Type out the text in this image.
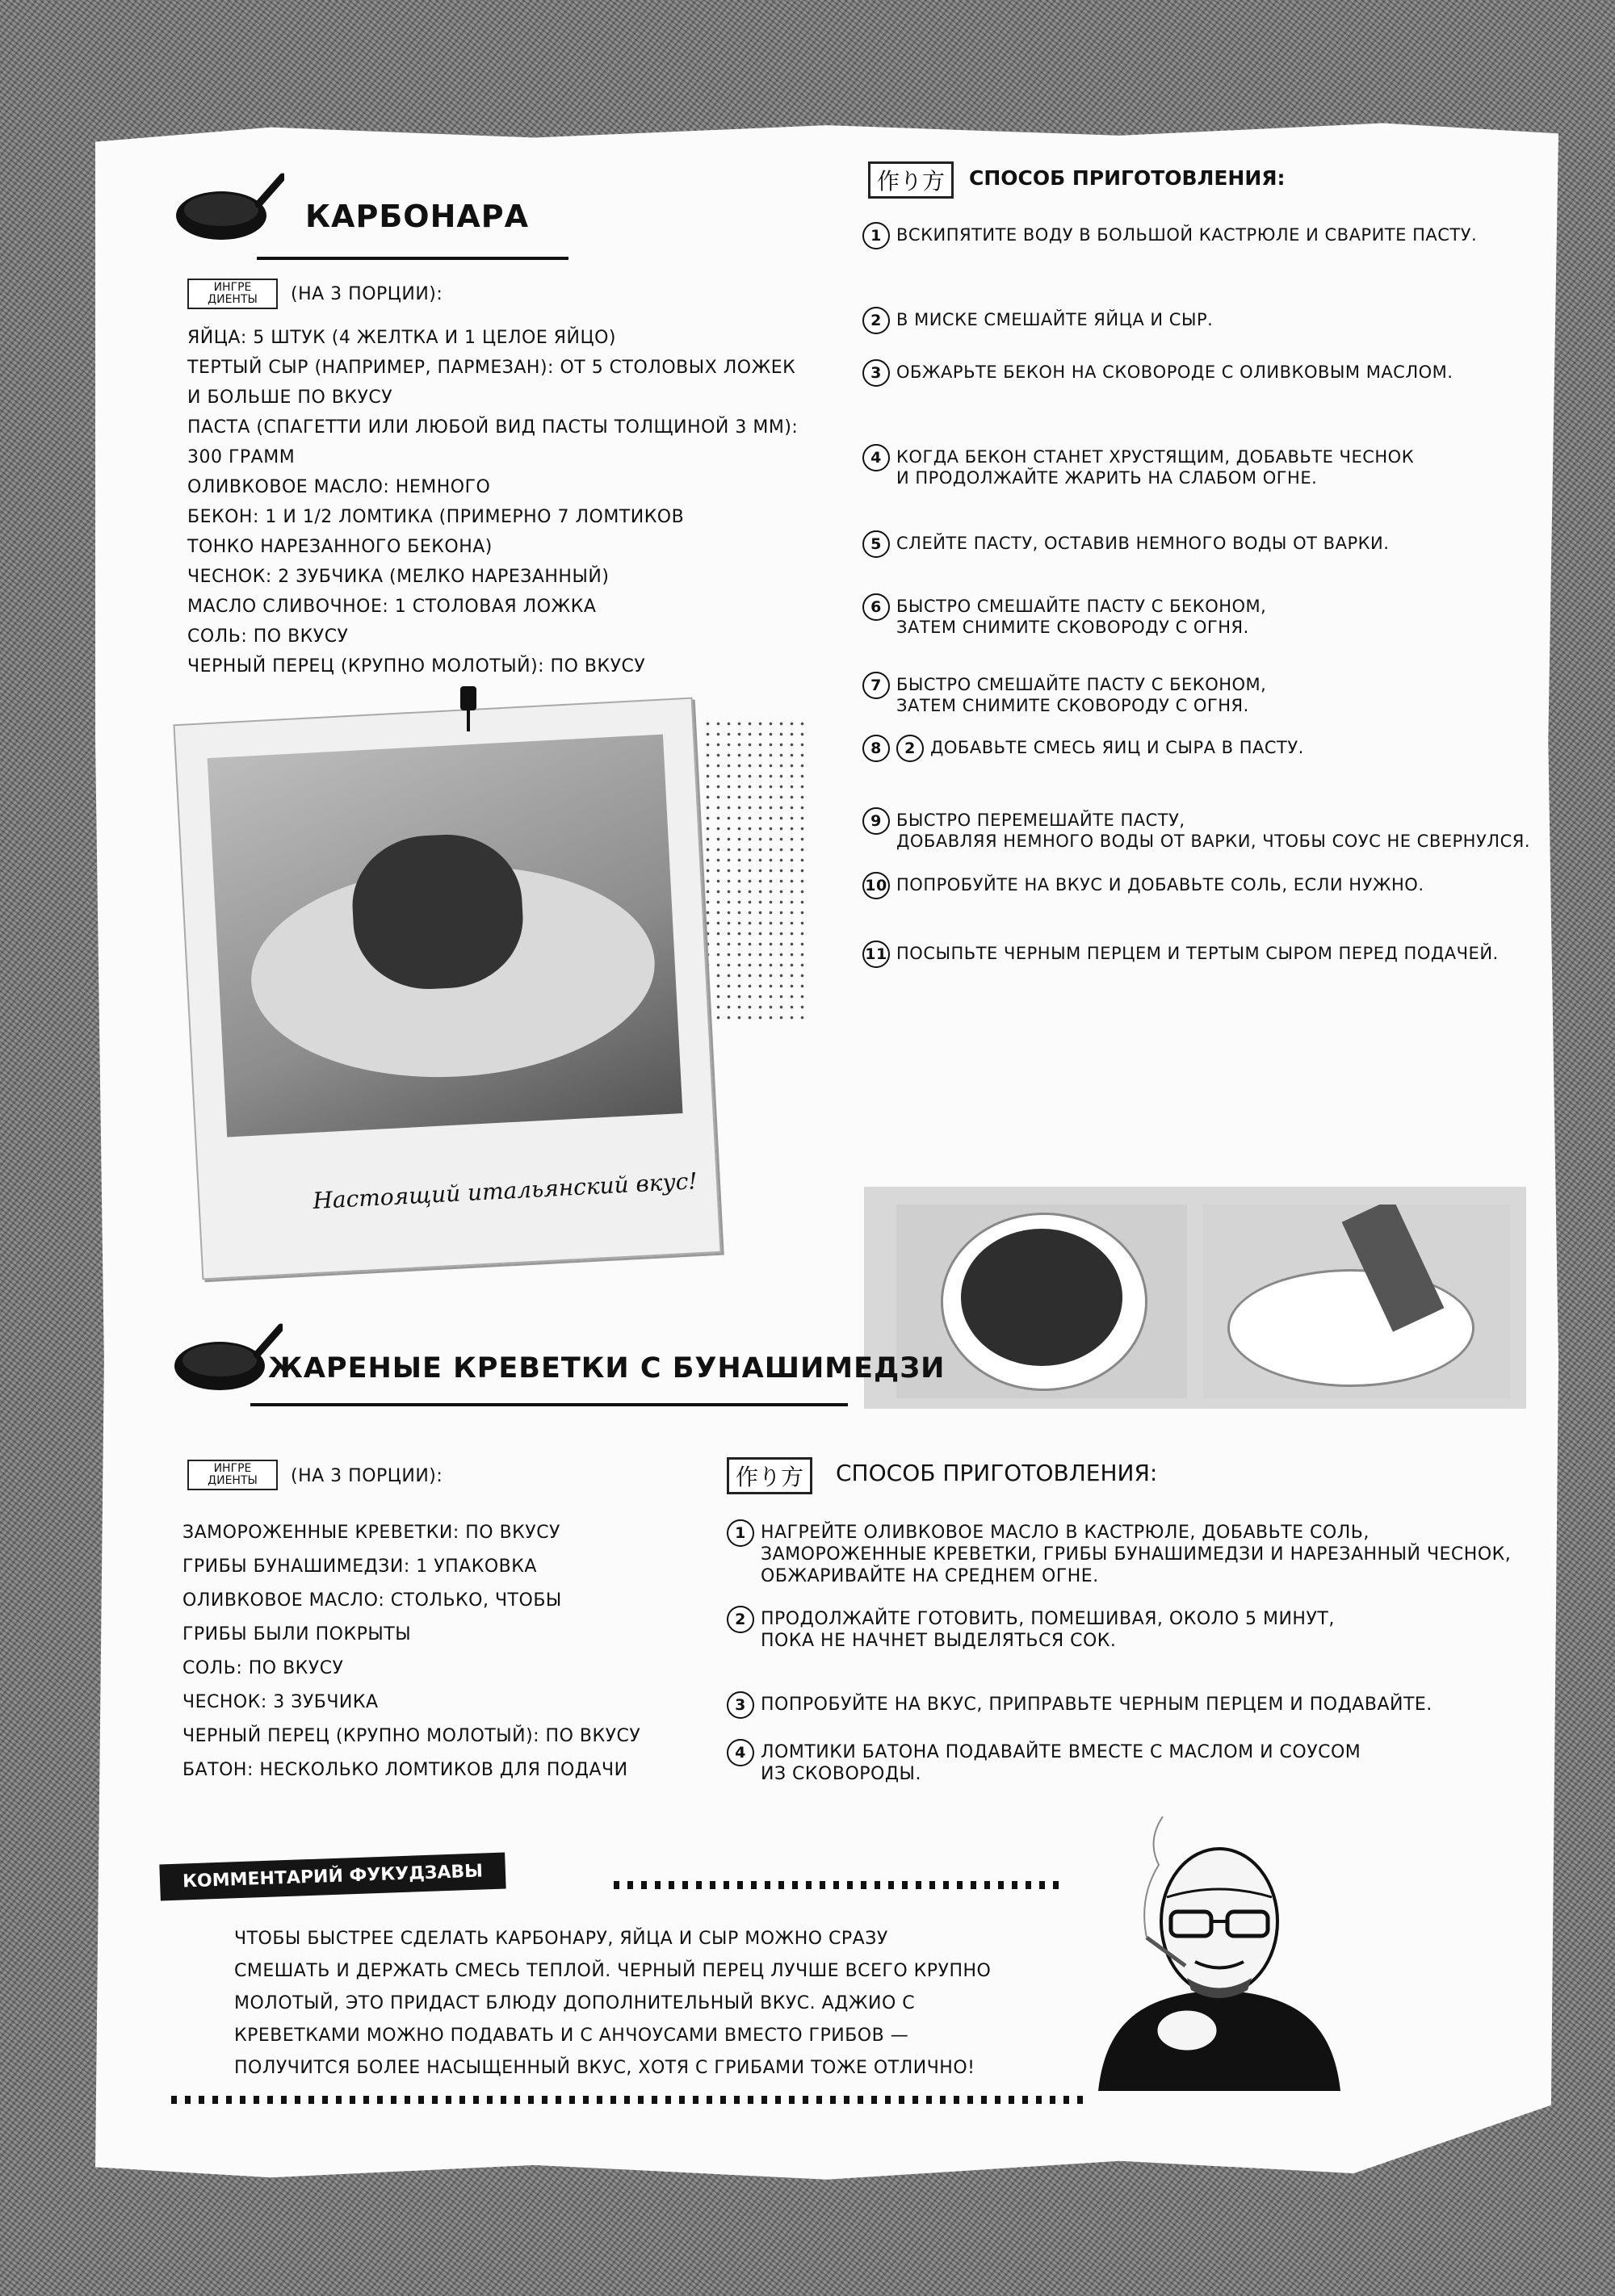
КАРБОНАРА
ИНГРЕ ДИЕНТЫ	(НА 3 ПОРЦИИ):
ЯЙЦА: 5 ШТУК (4 ЖЕЛТКА И 1 ЦЕЛОЕ ЯЙЦО)
ТЕРТЫЙ СЫР (НАПРИМЕР, ПАРМЕЗАН): ОТ 5 СТОЛОВЫХ ЛОЖЕК
И БОЛЬШЕ ПО ВКУСУ
ПАСТА (СПАГЕТТИ ИЛИ ЛЮБОЙ ВИД ПАСТЫ ТОЛЩИНОЙ 3 ММ):
300 ГРАММ
ОЛИВКОВОЕ МАСЛО: НЕМНОГО
БЕКОН: 1 И 1/2 ЛОМТИКА (ПРИМЕРНО 7 ЛОМТИКОВ
ТОНКО НАРЕЗАННОГО БЕКОНА)
ЧЕСНОК: 2 ЗУБЧИКА (МЕЛКО НАРЕЗАННЫЙ)
МАСЛО СЛИВОЧНОЕ: 1 СТОЛОВАЯ ЛОЖКА
СОЛЬ: ПО ВКУСУ
ЧЕРНЫЙ ПЕРЕЦ (КРУПНО МОЛОТЫЙ): ПО ВКУСУ
Настоящий итальянский вкус!
作り方	СПОСОБ ПРИГОТОВЛЕНИЯ:
1 ВСКИПЯТИТЕ ВОДУ В БОЛЬШОЙ КАСТРЮЛЕ И СВАРИТЕ ПАСТУ.
2 В МИСКЕ СМЕШАЙТЕ ЯЙЦА И СЫР.
3 ОБЖАРЬТЕ БЕКОН НА СКОВОРОДЕ С ОЛИВКОВЫМ МАСЛОМ.
4 КОГДА БЕКОН СТАНЕТ ХРУСТЯЩИМ, ДОБАВЬТЕ ЧЕСНОК
И ПРОДОЛЖАЙТЕ ЖАРИТЬ НА СЛАБОМ ОГНЕ.
5 СЛЕЙТЕ ПАСТУ, ОСТАВИВ НЕМНОГО ВОДЫ ОТ ВАРКИ.
6 БЫСТРО СМЕШАЙТЕ ПАСТУ С БЕКОНОМ,
ЗАТЕМ СНИМИТЕ СКОВОРОДУ С ОГНЯ.
7 БЫСТРО СМЕШАЙТЕ ПАСТУ С БЕКОНОМ,
ЗАТЕМ СНИМИТЕ СКОВОРОДУ С ОГНЯ.
8	2 ДОБАВЬТЕ СМЕСЬ ЯИЦ И СЫРА В ПАСТУ.
9 БЫСТРО ПЕРЕМЕШАЙТЕ ПАСТУ,
ДОБАВЛЯЯ НЕМНОГО ВОДЫ ОТ ВАРКИ, ЧТОБЫ СОУС НЕ СВЕРНУЛСЯ.
10 ПОПРОБУЙТЕ НА ВКУС И ДОБАВЬТЕ СОЛЬ, ЕСЛИ НУЖНО.
11 ПОСЫПЬТЕ ЧЕРНЫМ ПЕРЦЕМ И ТЕРТЫМ СЫРОМ ПЕРЕД ПОДАЧЕЙ.
ЖАРЕНЫЕ КРЕВЕТКИ С БУНАШИМЕДЗИ
ИНГРЕ ДИЕНТЫ	(НА 3 ПОРЦИИ):
ЗАМОРОЖЕННЫЕ КРЕВЕТКИ: ПО ВКУСУ
ГРИБЫ БУНАШИМЕДЗИ: 1 УПАКОВКА
ОЛИВКОВОЕ МАСЛО: СТОЛЬКО, ЧТОБЫ
ГРИБЫ БЫЛИ ПОКРЫТЫ
СОЛЬ: ПО ВКУСУ
ЧЕСНОК: 3 ЗУБЧИКА
ЧЕРНЫЙ ПЕРЕЦ (КРУПНО МОЛОТЫЙ): ПО ВКУСУ
БАТОН: НЕСКОЛЬКО ЛОМТИКОВ ДЛЯ ПОДАЧИ
作り方	СПОСОБ ПРИГОТОВЛЕНИЯ:
1 НАГРЕЙТЕ ОЛИВКОВОЕ МАСЛО В КАСТРЮЛЕ, ДОБАВЬТЕ СОЛЬ,
ЗАМОРОЖЕННЫЕ КРЕВЕТКИ, ГРИБЫ БУНАШИМЕДЗИ И НАРЕЗАННЫЙ ЧЕСНОК,
ОБЖАРИВАЙТЕ НА СРЕДНЕМ ОГНЕ.
2 ПРОДОЛЖАЙТЕ ГОТОВИТЬ, ПОМЕШИВАЯ, ОКОЛО 5 МИНУТ,
ПОКА НЕ НАЧНЕТ ВЫДЕЛЯТЬСЯ СОК.
3 ПОПРОБУЙТЕ НА ВКУС, ПРИПРАВЬТЕ ЧЕРНЫМ ПЕРЦЕМ И ПОДАВАЙТЕ.
4 ЛОМТИКИ БАТОНА ПОДАВАЙТЕ ВМЕСТЕ С МАСЛОМ И СОУСОМ
ИЗ СКОВОРОДЫ.
КОММЕНТАРИЙ ФУКУДЗАВЫ
ЧТОБЫ БЫСТРЕЕ СДЕЛАТЬ КАРБОНАРУ, ЯЙЦА И СЫР МОЖНО СРАЗУ
СМЕШАТЬ И ДЕРЖАТЬ СМЕСЬ ТЕПЛОЙ. ЧЕРНЫЙ ПЕРЕЦ ЛУЧШЕ ВСЕГО КРУПНО
МОЛОТЫЙ, ЭТО ПРИДАСТ БЛЮДУ ДОПОЛНИТЕЛЬНЫЙ ВКУС. АДЖИО С
КРЕВЕТКАМИ МОЖНО ПОДАВАТЬ И С АНЧОУСАМИ ВМЕСТО ГРИБОВ —
ПОЛУЧИТСЯ БОЛЕЕ НАСЫЩЕННЫЙ ВКУС, ХОТЯ С ГРИБАМИ ТОЖЕ ОТЛИЧНО!
